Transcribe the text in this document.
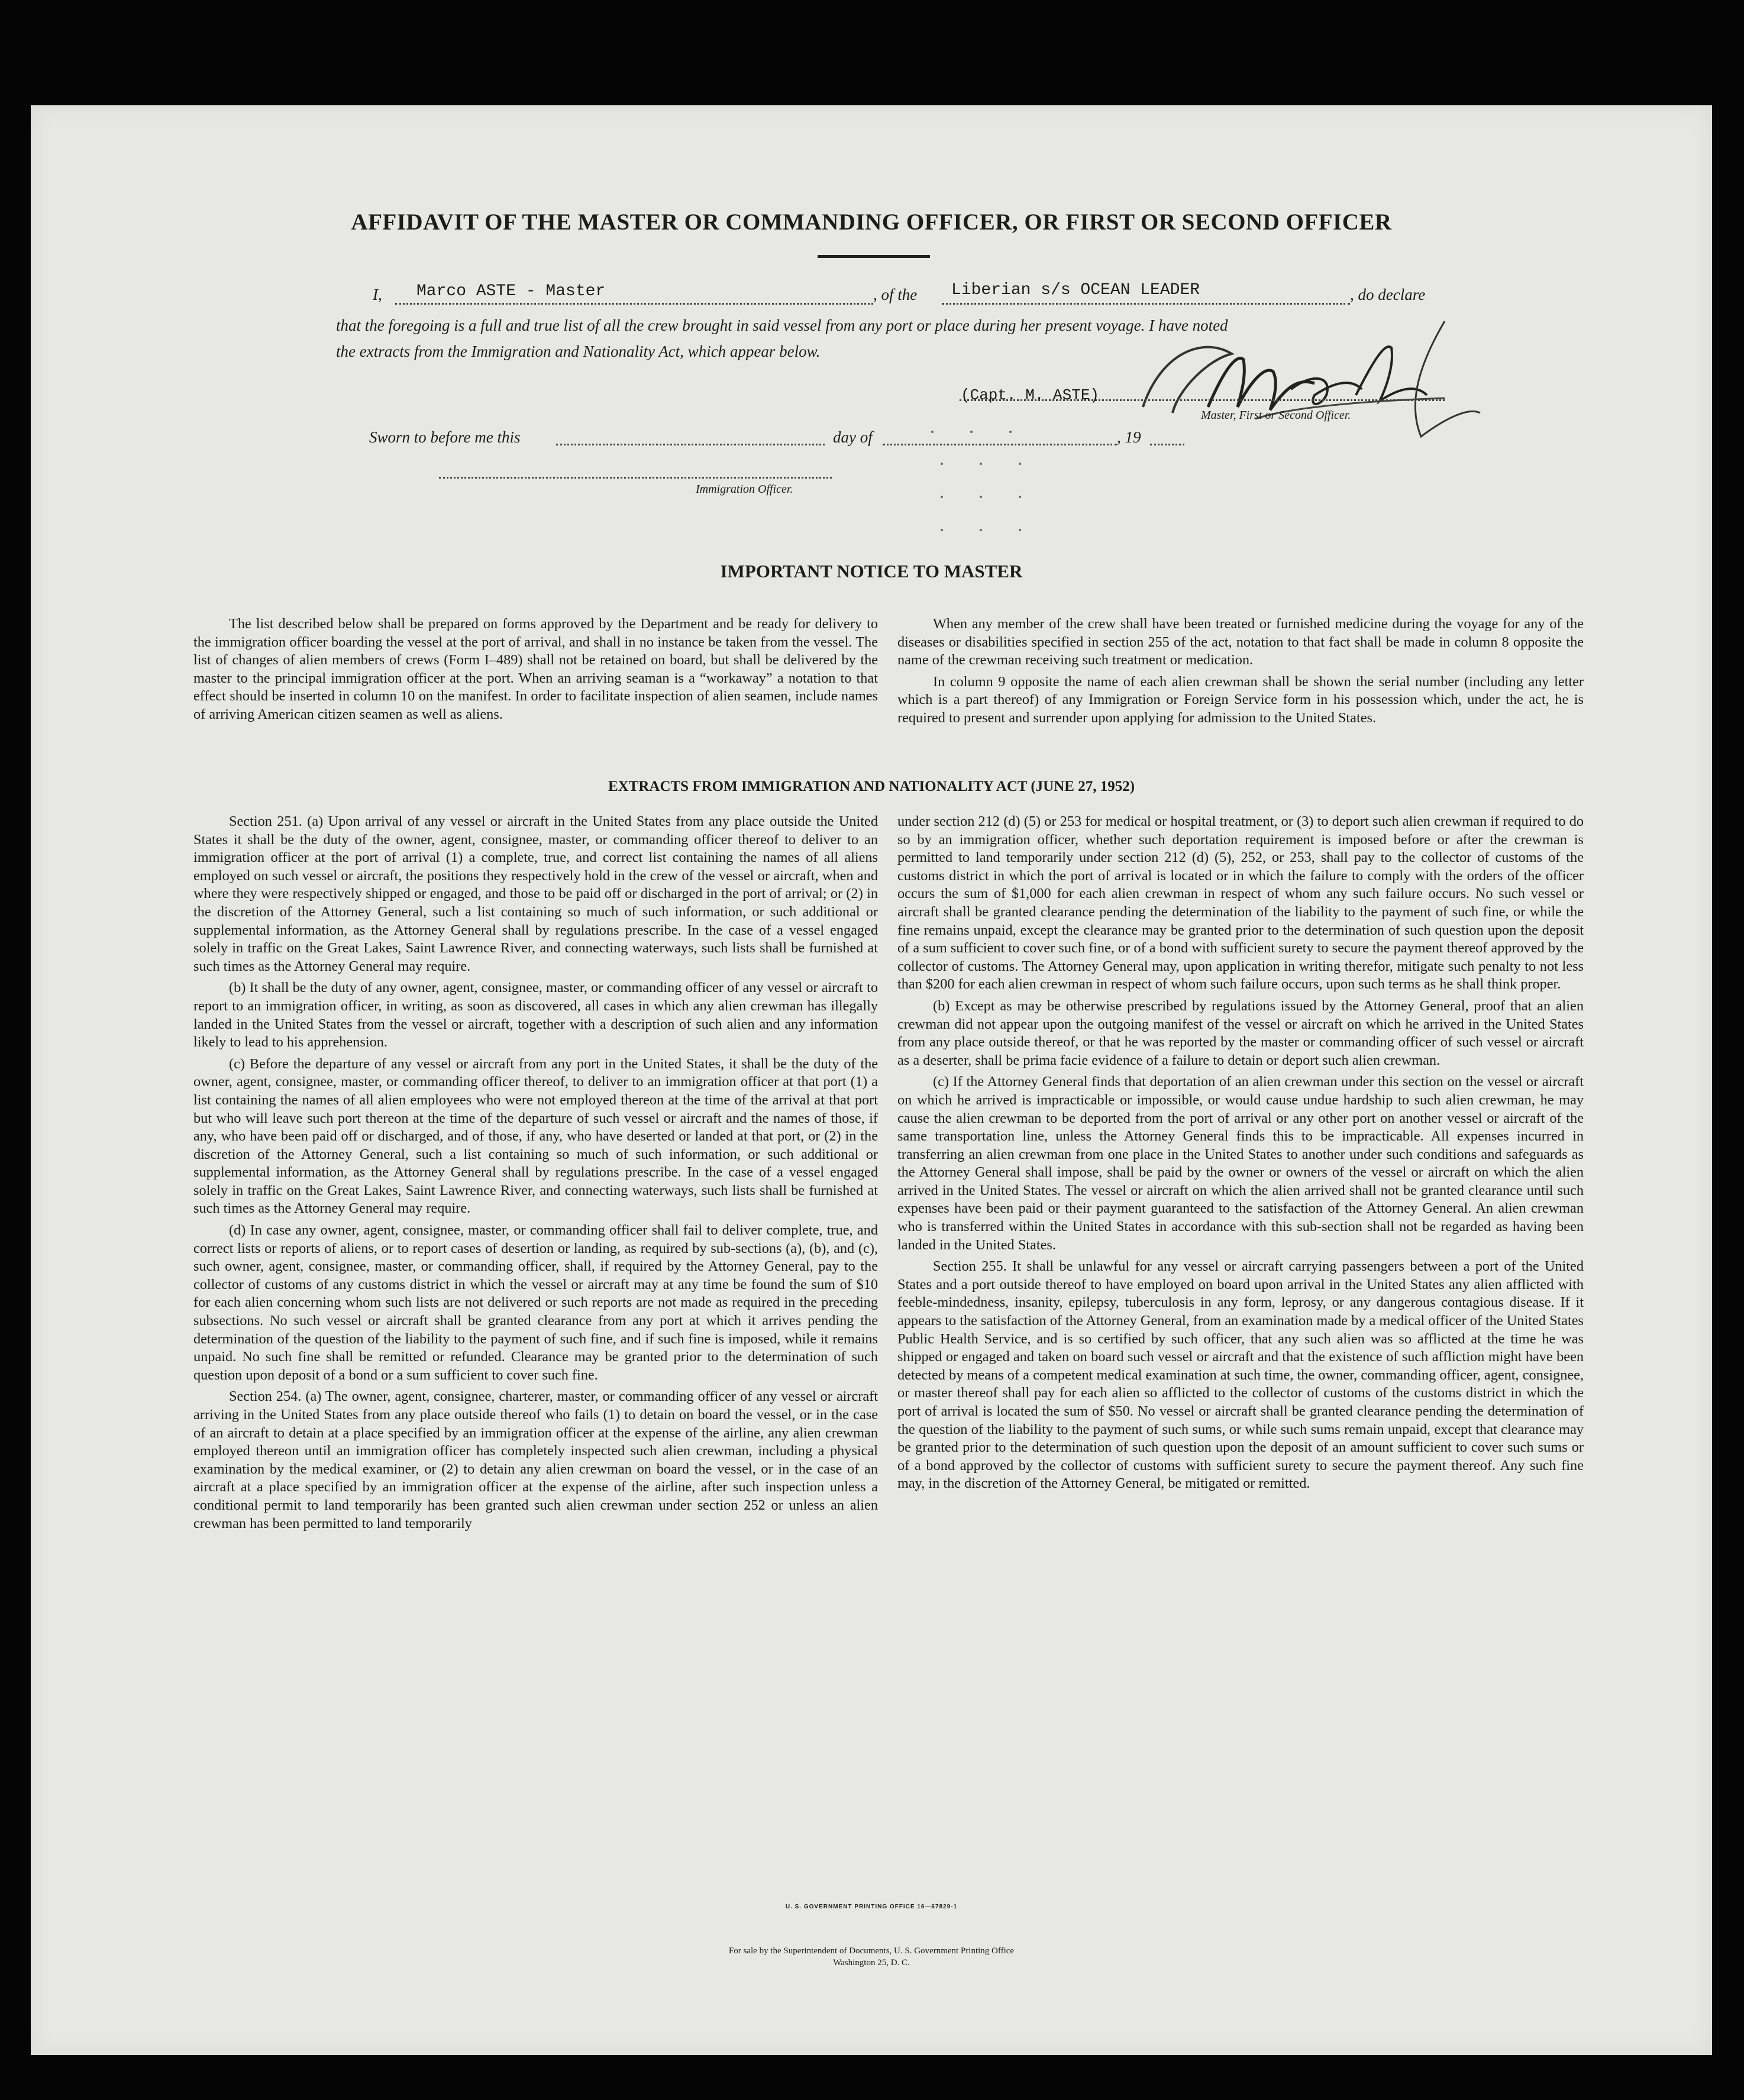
AFFIDAVIT OF THE MASTER OR COMMANDING OFFICER, OR FIRST OR SECOND OFFICER
I, Marco ASTE - Master	, of the Liberian s/s OCEAN LEADER	, do declare
that the foregoing is a full and true list of all the crew brought in said vessel from any port or place during her present voyage. I have noted
the extracts from the Immigration and Nationality Act, which appear below.
(Capt. M. ASTE)
Master, First or Second Officer.
Sworn to before me this	day of	, 19
Immigration Officer.
IMPORTANT NOTICE TO MASTER

The list described below shall be prepared on forms approved by the Department and be ready for delivery to the immigration officer boarding the vessel at the port of arrival, and shall in no instance be taken from the vessel. The list of changes of alien members of crews (Form I–489) shall not be retained on board, but shall be delivered by the master to the principal immigration officer at the port. When an arriving seaman is a “workaway” a notation to that effect should be inserted in column 10 on the manifest. In order to facilitate inspection of alien seamen, include names of arriving American citizen seamen as well as aliens.

When any member of the crew shall have been treated or furnished medicine during the voyage for any of the diseases or disabilities specified in section 255 of the act, notation to that fact shall be made in column 8 opposite the name of the crewman receiving such treatment or medication.

In column 9 opposite the name of each alien crewman shall be shown the serial number (including any letter which is a part thereof) of any Immigration or Foreign Service form in his possession which, under the act, he is required to present and surrender upon applying for admission to the United States.

EXTRACTS FROM IMMIGRATION AND NATIONALITY ACT (JUNE 27, 1952)

Section 251. (a) Upon arrival of any vessel or aircraft in the United States from any place outside the United States it shall be the duty of the owner, agent, consignee, master, or commanding officer thereof to deliver to an immigration officer at the port of arrival (1) a complete, true, and correct list containing the names of all aliens employed on such vessel or aircraft, the positions they respectively hold in the crew of the vessel or aircraft, when and where they were respectively shipped or engaged, and those to be paid off or discharged in the port of arrival; or (2) in the discretion of the Attorney General, such a list containing so much of such information, or such additional or supplemental information, as the Attorney General shall by regulations prescribe. In the case of a vessel engaged solely in traffic on the Great Lakes, Saint Lawrence River, and connecting waterways, such lists shall be furnished at such times as the Attorney General may require.

(b) It shall be the duty of any owner, agent, consignee, master, or commanding officer of any vessel or aircraft to report to an immigration officer, in writing, as soon as discovered, all cases in which any alien crewman has illegally landed in the United States from the vessel or aircraft, together with a description of such alien and any information likely to lead to his apprehension.

(c) Before the departure of any vessel or aircraft from any port in the United States, it shall be the duty of the owner, agent, consignee, master, or commanding officer thereof, to deliver to an immigration officer at that port (1) a list containing the names of all alien employees who were not employed thereon at the time of the arrival at that port but who will leave such port thereon at the time of the departure of such vessel or aircraft and the names of those, if any, who have been paid off or discharged, and of those, if any, who have deserted or landed at that port, or (2) in the discretion of the Attorney General, such a list containing so much of such information, or such additional or supplemental information, as the Attorney General shall by regulations prescribe. In the case of a vessel engaged solely in traffic on the Great Lakes, Saint Lawrence River, and connecting waterways, such lists shall be furnished at such times as the Attorney General may require.

(d) In case any owner, agent, consignee, master, or commanding officer shall fail to deliver complete, true, and correct lists or reports of aliens, or to report cases of desertion or landing, as required by sub-sections (a), (b), and (c), such owner, agent, consignee, master, or commanding officer, shall, if required by the Attorney General, pay to the collector of customs of any customs district in which the vessel or aircraft may at any time be found the sum of $10 for each alien concerning whom such lists are not delivered or such reports are not made as required in the preceding subsections. No such vessel or aircraft shall be granted clearance from any port at which it arrives pending the determination of the question of the liability to the payment of such fine, and if such fine is imposed, while it remains unpaid. No such fine shall be remitted or refunded. Clearance may be granted prior to the determination of such question upon deposit of a bond or a sum sufficient to cover such fine.

Section 254. (a) The owner, agent, consignee, charterer, master, or commanding officer of any vessel or aircraft arriving in the United States from any place outside thereof who fails (1) to detain on board the vessel, or in the case of an aircraft to detain at a place specified by an immigration officer at the expense of the airline, any alien crewman employed thereon until an immigration officer has completely inspected such alien crewman, including a physical examination by the medical examiner, or (2) to detain any alien crewman on board the vessel, or in the case of an aircraft at a place specified by an immigration officer at the expense of the airline, after such inspection unless a conditional permit to land temporarily has been granted such alien crewman under section 252 or unless an alien crewman has been permitted to land temporarily

under section 212 (d) (5) or 253 for medical or hospital treatment, or (3) to deport such alien crewman if required to do so by an immigration officer, whether such deportation requirement is imposed before or after the crewman is permitted to land temporarily under section 212 (d) (5), 252, or 253, shall pay to the collector of customs of the customs district in which the port of arrival is located or in which the failure to comply with the orders of the officer occurs the sum of $1,000 for each alien crewman in respect of whom any such failure occurs. No such vessel or aircraft shall be granted clearance pending the determination of the liability to the payment of such fine, or while the fine remains unpaid, except the clearance may be granted prior to the determination of such question upon the deposit of a sum sufficient to cover such fine, or of a bond with sufficient surety to secure the payment thereof approved by the collector of customs. The Attorney General may, upon application in writing therefor, mitigate such penalty to not less than $200 for each alien crewman in respect of whom such failure occurs, upon such terms as he shall think proper.

(b) Except as may be otherwise prescribed by regulations issued by the Attorney General, proof that an alien crewman did not appear upon the outgoing manifest of the vessel or aircraft on which he arrived in the United States from any place outside thereof, or that he was reported by the master or commanding officer of such vessel or aircraft as a deserter, shall be prima facie evidence of a failure to detain or deport such alien crewman.

(c) If the Attorney General finds that deportation of an alien crewman under this section on the vessel or aircraft on which he arrived is impracticable or impossible, or would cause undue hardship to such alien crewman, he may cause the alien crewman to be deported from the port of arrival or any other port on another vessel or aircraft of the same transportation line, unless the Attorney General finds this to be impracticable. All expenses incurred in transferring an alien crewman from one place in the United States to another under such conditions and safeguards as the Attorney General shall impose, shall be paid by the owner or owners of the vessel or aircraft on which the alien arrived in the United States. The vessel or aircraft on which the alien arrived shall not be granted clearance until such expenses have been paid or their payment guaranteed to the satisfaction of the Attorney General. An alien crewman who is transferred within the United States in accordance with this sub-section shall not be regarded as having been landed in the United States.

Section 255. It shall be unlawful for any vessel or aircraft carrying passengers between a port of the United States and a port outside thereof to have employed on board upon arrival in the United States any alien afflicted with feeble-mindedness, insanity, epilepsy, tuberculosis in any form, leprosy, or any dangerous contagious disease. If it appears to the satisfaction of the Attorney General, from an examination made by a medical officer of the United States Public Health Service, and is so certified by such officer, that any such alien was so afflicted at the time he was shipped or engaged and taken on board such vessel or aircraft and that the existence of such affliction might have been detected by means of a competent medical examination at such time, the owner, commanding officer, agent, consignee, or master thereof shall pay for each alien so afflicted to the collector of customs of the customs district in which the port of arrival is located the sum of $50. No vessel or aircraft shall be granted clearance pending the determination of the question of the liability to the payment of such sums, or while such sums remain unpaid, except that clearance may be granted prior to the determination of such question upon the deposit of an amount sufficient to cover such sums or of a bond approved by the collector of customs with sufficient surety to secure the payment thereof. Any such fine may, in the discretion of the Attorney General, be mitigated or remitted.

U. S. GOVERNMENT PRINTING OFFICE 16—67829-1
For sale by the Superintendent of Documents, U. S. Government Printing Office
Washington 25, D. C.
